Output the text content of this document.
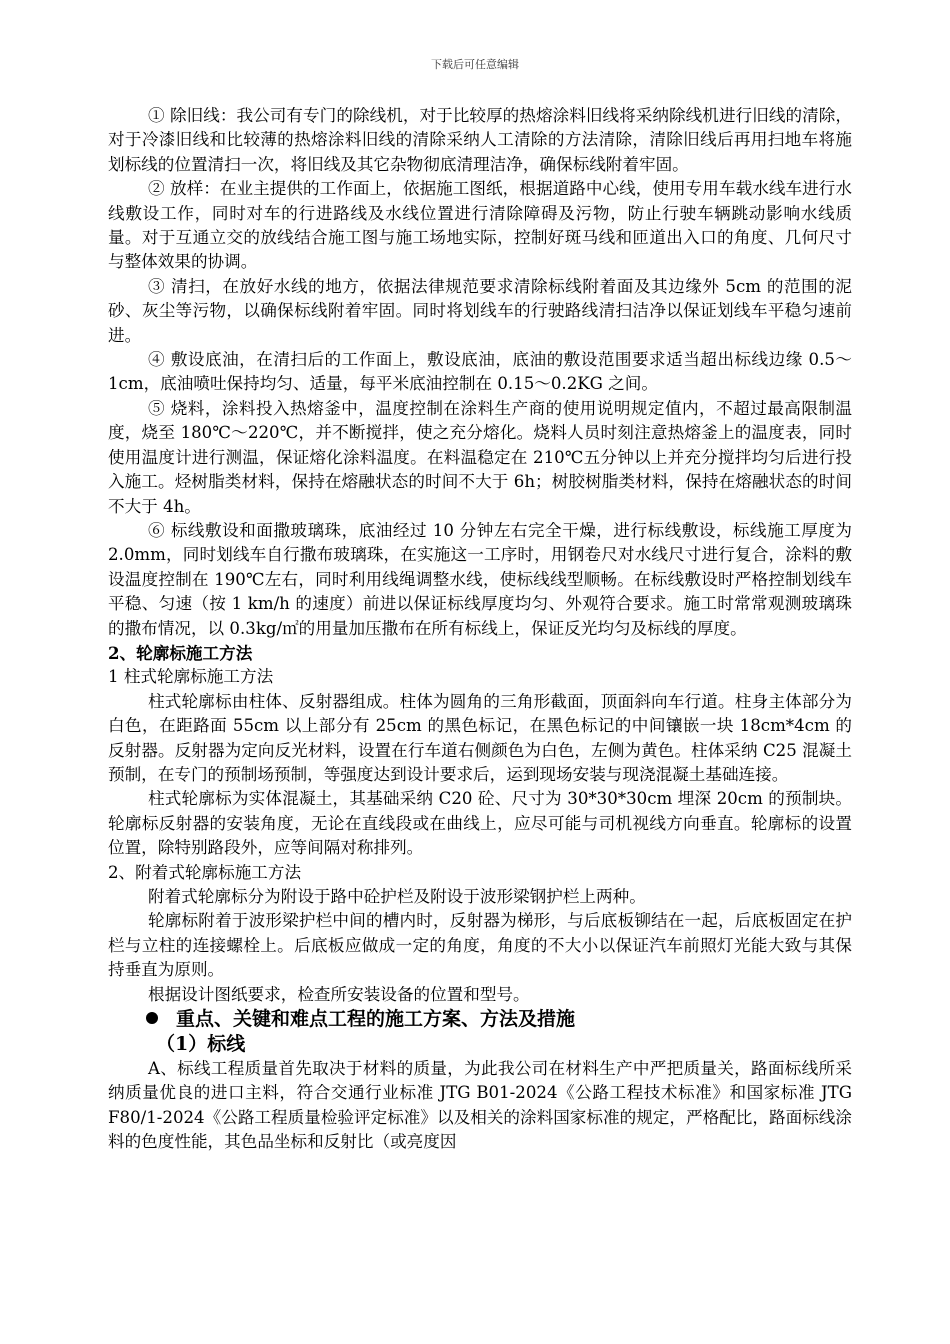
下载后可任意编辑

① 除旧线：我公司有专门的除线机，对于比较厚的热熔涂料旧线将采纳除线机进行旧线的清除，对于冷漆旧线和比较薄的热熔涂料旧线的清除采纳人工清除的方法清除，清除旧线后再用扫地车将施划标线的位置清扫一次，将旧线及其它杂物彻底清理洁净，确保标线附着牢固。

② 放样：在业主提供的工作面上，依据施工图纸，根据道路中心线，使用专用车载水线车进行水线敷设工作，同时对车的行进路线及水线位置进行清除障碍及污物，防止行驶车辆跳动影响水线质量。对于互通立交的放线结合施工图与施工场地实际，控制好斑马线和匝道出入口的角度、几何尺寸与整体效果的协调。

③ 清扫，在放好水线的地方，依据法律规范要求清除标线附着面及其边缘外 5cm 的范围的泥砂、灰尘等污物，以确保标线附着牢固。同时将划线车的行驶路线清扫洁净以保证划线车平稳匀速前进。

④ 敷设底油，在清扫后的工作面上，敷设底油，底油的敷设范围要求适当超出标线边缘 0.5～1cm，底油喷吐保持均匀、适量，每平米底油控制在 0.15～0.2KG 之间。

⑤ 烧料，涂料投入热熔釜中，温度控制在涂料生产商的使用说明规定值内，不超过最高限制温度，烧至 180℃～220℃，并不断搅拌，使之充分熔化。烧料人员时刻注意热熔釜上的温度表，同时使用温度计进行测温，保证熔化涂料温度。在料温稳定在 210℃五分钟以上并充分搅拌均匀后进行投入施工。烃树脂类材料，保持在熔融状态的时间不大于 6h；树胶树脂类材料，保持在熔融状态的时间不大于 4h。

⑥ 标线敷设和面撒玻璃珠，底油经过 10 分钟左右完全干燥，进行标线敷设，标线施工厚度为 2.0mm，同时划线车自行撒布玻璃珠，在实施这一工序时，用钢卷尺对水线尺寸进行复合，涂料的敷设温度控制在 190℃左右，同时利用线绳调整水线，使标线线型顺畅。在标线敷设时严格控制划线车平稳、匀速（按 1 km/h 的速度）前进以保证标线厚度均匀、外观符合要求。施工时常常观测玻璃珠的撒布情况，以 0.3kg/㎡的用量加压撒布在所有标线上，保证反光均匀及标线的厚度。

2、轮廓标施工方法

1 柱式轮廓标施工方法

柱式轮廓标由柱体、反射器组成。柱体为圆角的三角形截面，顶面斜向车行道。柱身主体部分为白色，在距路面 55cm 以上部分有 25cm 的黑色标记，在黑色标记的中间镶嵌一块 18cm*4cm 的反射器。反射器为定向反光材料，设置在行车道右侧颜色为白色，左侧为黄色。柱体采纳 C25 混凝土预制，在专门的预制场预制，等强度达到设计要求后，运到现场安装与现浇混凝土基础连接。

柱式轮廓标为实体混凝土，其基础采纳 C20 砼、尺寸为 30*30*30cm 埋深 20cm 的预制块。轮廓标反射器的安装角度，无论在直线段或在曲线上，应尽可能与司机视线方向垂直。轮廓标的设置位置，除特别路段外，应等间隔对称排列。

2、附着式轮廓标施工方法

附着式轮廓标分为附设于路中砼护栏及附设于波形梁钢护栏上两种。

轮廓标附着于波形梁护栏中间的槽内时，反射器为梯形，与后底板铆结在一起，后底板固定在护栏与立柱的连接螺栓上。后底板应做成一定的角度，角度的不大小以保证汽车前照灯光能大致与其保持垂直为原则。

根据设计图纸要求，检查所安装设备的位置和型号。

重点、关键和难点工程的施工方案、方法及措施

（1）标线

A、标线工程质量首先取决于材料的质量，为此我公司在材料生产中严把质量关，路面标线所采纳质量优良的进口主料，符合交通行业标准 JTG B01-2024《公路工程技术标准》和国家标准 JTG F80/1-2024《公路工程质量检验评定标准》以及相关的涂料国家标准的规定，严格配比，路面标线涂料的色度性能，其色品坐标和反射比（或亮度因
